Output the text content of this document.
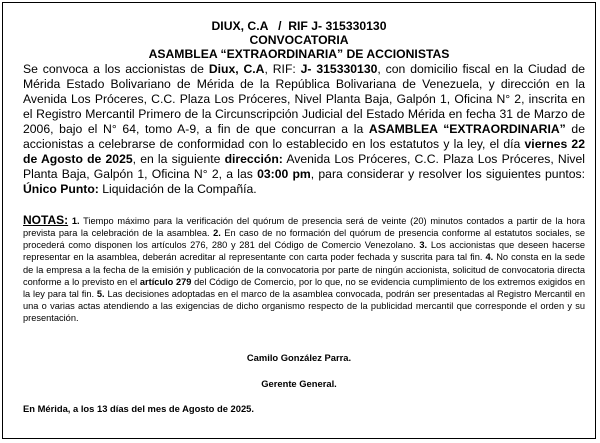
DIUX, C.A   /  RIF J- 315330130
CONVOCATORIA
ASAMBLEA “EXTRAORDINARIA” DE ACCIONISTAS

Se convoca a los accionistas de Diux, C.A, RIF: J- 315330130, con domicilio fiscal en la Ciudad de Mérida Estado Bolivariano de Mérida de la República Bolivariana de Venezuela, y dirección en la Avenida Los Próceres, C.C. Plaza Los Próceres, Nivel Planta Baja, Galpón 1, Oficina N° 2, inscrita en el Registro Mercantil Primero de la Circunscripción Judicial del Estado Mérida en fecha 31 de Marzo de 2006, bajo el N° 64, tomo A-9, a fin de que concurran a la ASAMBLEA “EXTRAORDINARIA” de accionistas a celebrarse de conformidad con lo establecido en los estatutos y la ley, el día viernes 22 de Agosto de 2025, en la siguiente dirección: Avenida Los Próceres, C.C. Plaza Los Próceres, Nivel Planta Baja, Galpón 1, Oficina N° 2, a las 03:00 pm, para considerar y resolver los siguientes puntos: Único Punto: Liquidación de la Compañía.

NOTAS: 1. Tiempo máximo para la verificación del quórum de presencia será de veinte (20) minutos contados a partir de la hora prevista para la celebración de la asamblea. 2. En caso de no formación del quórum de presencia conforme al estatutos sociales, se procederá como disponen los artículos 276, 280 y 281 del Código de Comercio Venezolano. 3. Los accionistas que deseen hacerse representar en la asamblea, deberán acreditar al representante con carta poder fechada y suscrita para tal fin. 4. No consta en la sede de la empresa a la fecha de la emisión y publicación de la convocatoria por parte de ningún accionista, solicitud de convocatoria directa conforme a lo previsto en el artículo 279 del Código de Comercio, por lo que, no se evidencia cumplimiento de los extremos exigidos en la ley para tal fin. 5. Las decisiones adoptadas en el marco de la asamblea convocada, podrán ser presentadas al Registro Mercantil en una o varias actas atendiendo a las exigencias de dicho organismo respecto de la publicidad mercantil que corresponde el orden y su presentación.

Camilo González Parra.
Gerente General.
En Mérida, a los 13 días del mes de Agosto de 2025.
